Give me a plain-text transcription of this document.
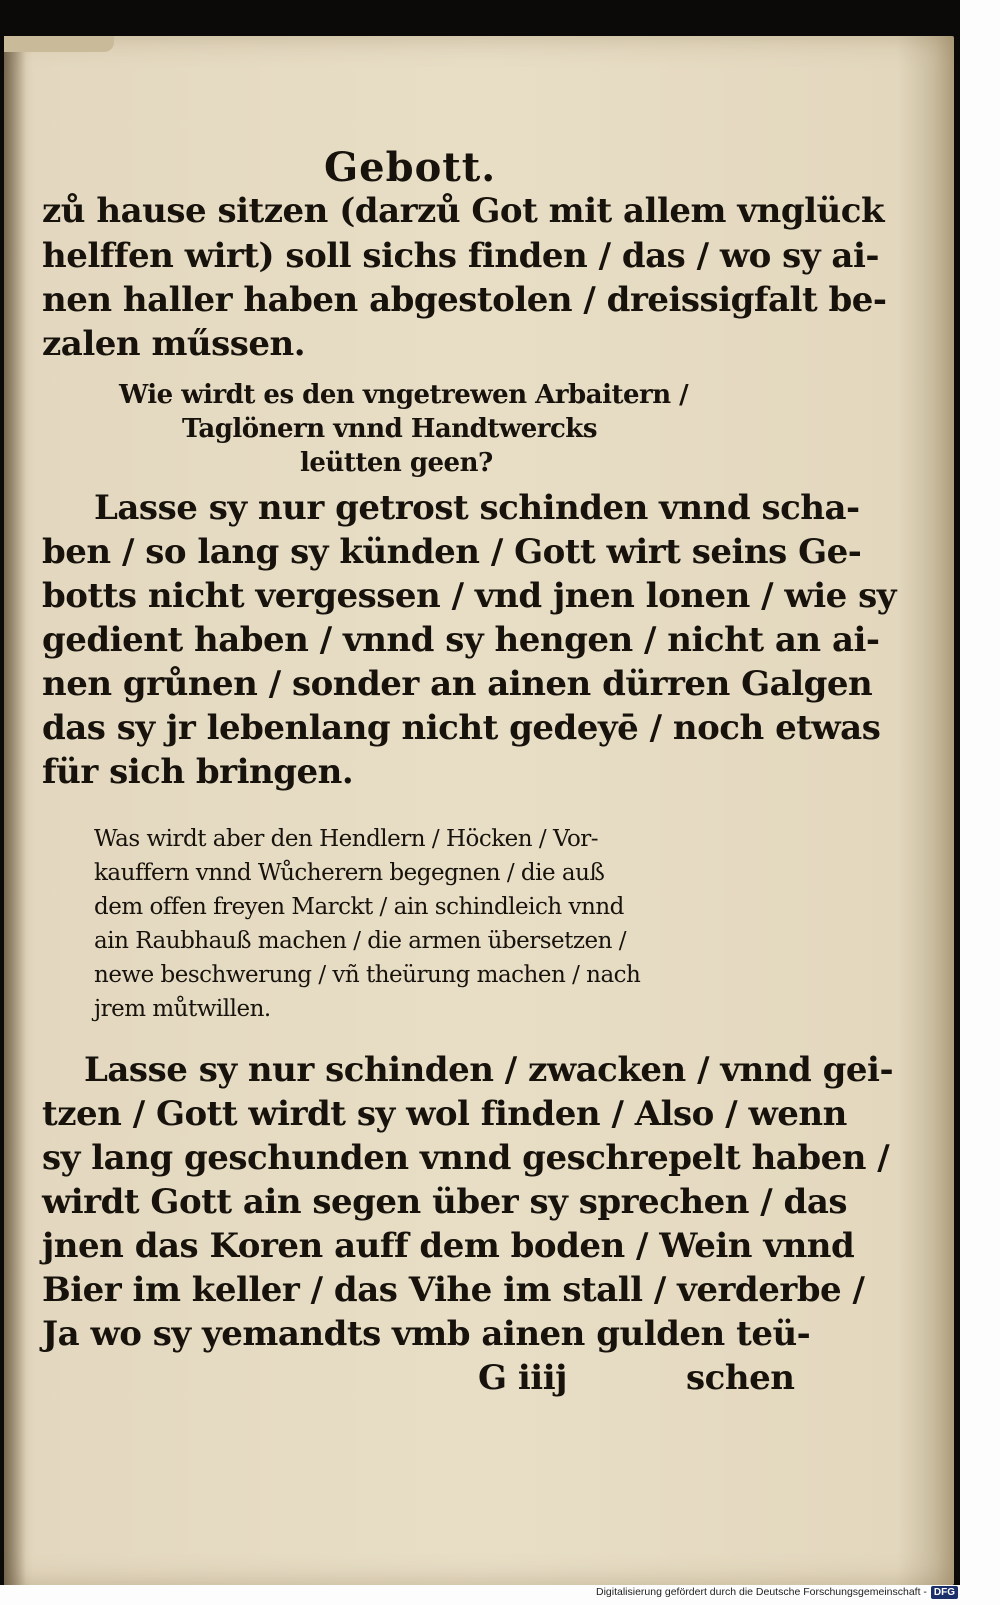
Gebott.
zů hause sitzen (darzů Got mit allem vnglück
helffen wirt) soll sichs finden / das / wo sy ai-
nen haller haben abgestolen / dreissigfalt be-
zalen műssen.
Wie wirdt es den vngetrewen Arbaitern /
Taglönern vnnd Handtwercks
leütten geen?
Lasse sy nur getrost schinden vnnd scha-
ben / so lang sy künden / Gott wirt seins Ge-
botts nicht vergessen / vnd jnen lonen / wie sy
gedient haben / vnnd sy hengen / nicht an ai-
nen grůnen / sonder an ainen dürren Galgen
das sy jr lebenlang nicht gedeyē / noch etwas
für sich bringen.
Was wirdt aber den Hendlern / Höcken / Vor-
kauffern vnnd Wůcherern begegnen / die auß
dem offen freyen Marckt / ain schindleich vnnd
ain Raubhauß machen / die armen übersetzen /
newe beschwerung / vñ theürung machen / nach
jrem můtwillen.
Lasse sy nur schinden / zwacken / vnnd gei-
tzen / Gott wirdt sy wol finden / Also / wenn
sy lang geschunden vnnd geschrepelt haben /
wirdt Gott ain segen über sy sprechen / das
jnen das Koren auff dem boden / Wein vnnd
Bier im keller / das Vihe im stall / verderbe /
Ja wo sy yemandts vmb ainen gulden teü-
G iiij	schen
Digitalisierung gefördert durch die Deutsche Forschungsgemeinschaft - DFG
